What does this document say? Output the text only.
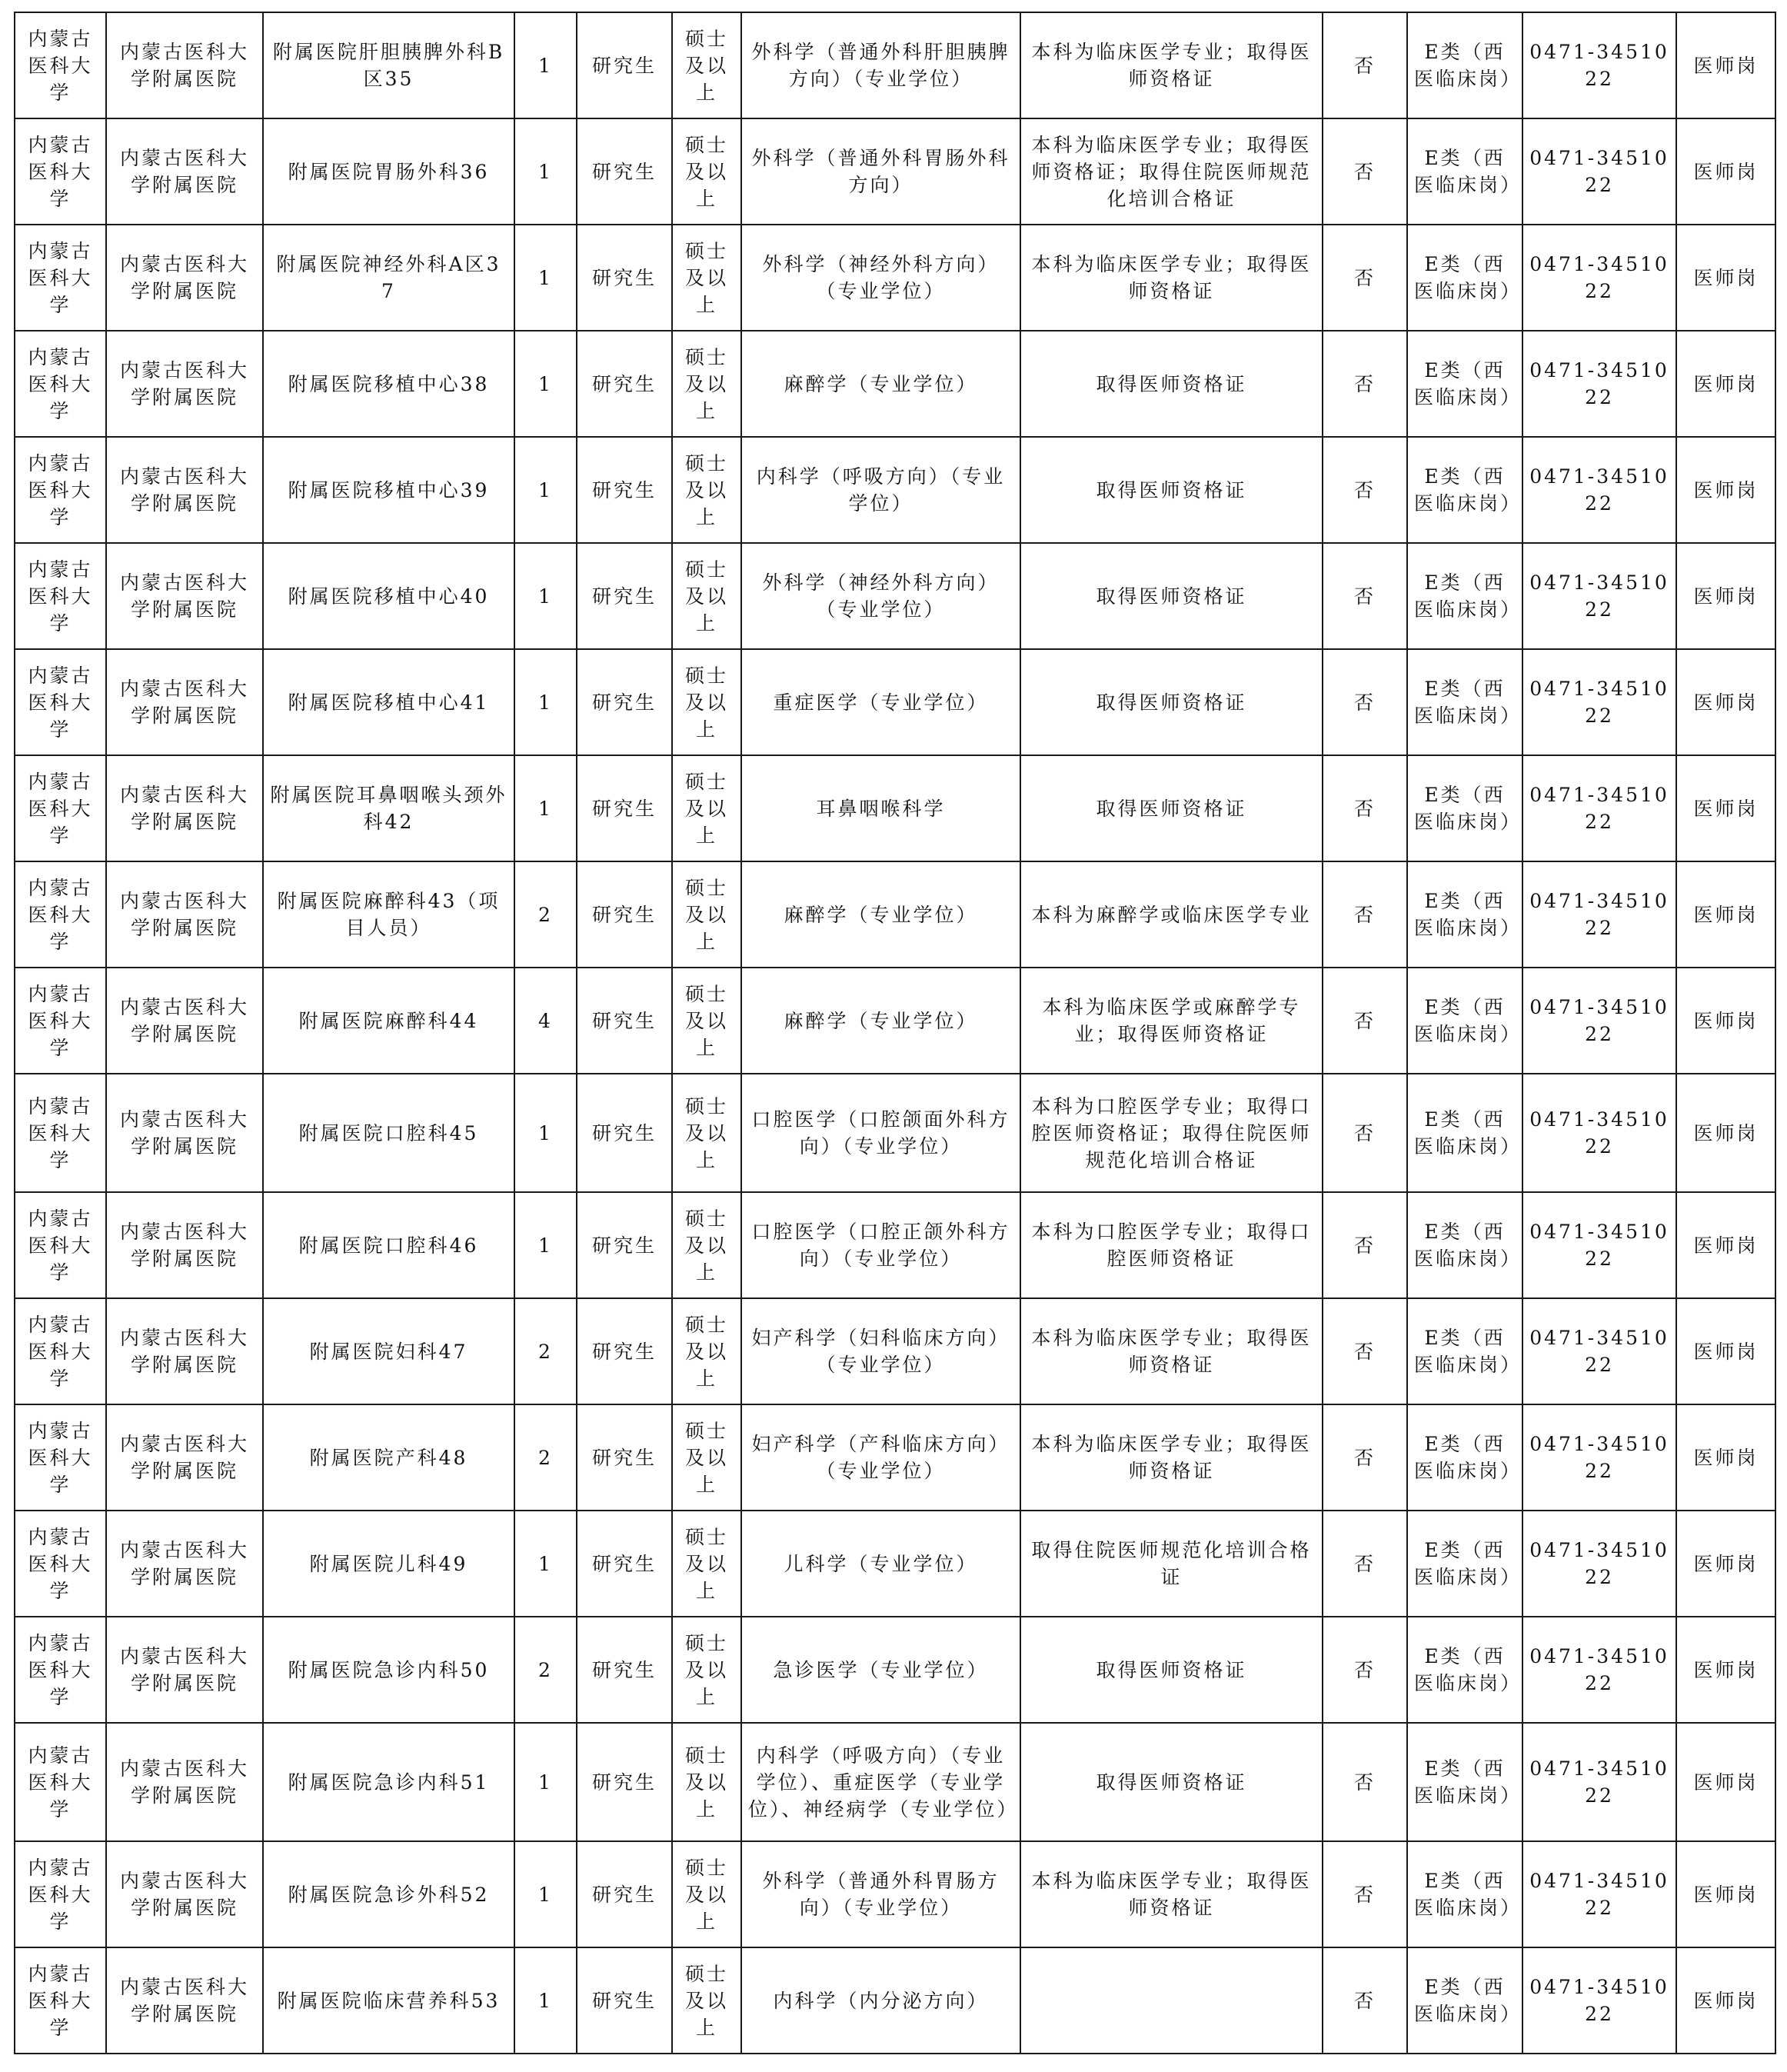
内蒙古医科大学	内蒙古医科大学附属医院	附属医院肝胆胰脾外科B区35	1	研究生	硕士及以上	外科学（普通外科肝胆胰脾方向）（专业学位）	本科为临床医学专业；取得医师资格证	否	E类（西医临床岗）	0471-3451022	医师岗
内蒙古医科大学	内蒙古医科大学附属医院	附属医院胃肠外科36	1	研究生	硕士及以上	外科学（普通外科胃肠外科方向）	本科为临床医学专业；取得医师资格证；取得住院医师规范化培训合格证	否	E类（西医临床岗）	0471-3451022	医师岗
内蒙古医科大学	内蒙古医科大学附属医院	附属医院神经外科A区37	1	研究生	硕士及以上	外科学（神经外科方向）（专业学位）	本科为临床医学专业；取得医师资格证	否	E类（西医临床岗）	0471-3451022	医师岗
内蒙古医科大学	内蒙古医科大学附属医院	附属医院移植中心38	1	研究生	硕士及以上	麻醉学（专业学位）	取得医师资格证	否	E类（西医临床岗）	0471-3451022	医师岗
内蒙古医科大学	内蒙古医科大学附属医院	附属医院移植中心39	1	研究生	硕士及以上	内科学（呼吸方向）（专业学位）	取得医师资格证	否	E类（西医临床岗）	0471-3451022	医师岗
内蒙古医科大学	内蒙古医科大学附属医院	附属医院移植中心40	1	研究生	硕士及以上	外科学（神经外科方向）（专业学位）	取得医师资格证	否	E类（西医临床岗）	0471-3451022	医师岗
内蒙古医科大学	内蒙古医科大学附属医院	附属医院移植中心41	1	研究生	硕士及以上	重症医学（专业学位）	取得医师资格证	否	E类（西医临床岗）	0471-3451022	医师岗
内蒙古医科大学	内蒙古医科大学附属医院	附属医院耳鼻咽喉头颈外科42	1	研究生	硕士及以上	耳鼻咽喉科学	取得医师资格证	否	E类（西医临床岗）	0471-3451022	医师岗
内蒙古医科大学	内蒙古医科大学附属医院	附属医院麻醉科43（项目人员）	2	研究生	硕士及以上	麻醉学（专业学位）	本科为麻醉学或临床医学专业	否	E类（西医临床岗）	0471-3451022	医师岗
内蒙古医科大学	内蒙古医科大学附属医院	附属医院麻醉科44	4	研究生	硕士及以上	麻醉学（专业学位）	本科为临床医学或麻醉学专业；取得医师资格证	否	E类（西医临床岗）	0471-3451022	医师岗
内蒙古医科大学	内蒙古医科大学附属医院	附属医院口腔科45	1	研究生	硕士及以上	口腔医学（口腔颌面外科方向）（专业学位）	本科为口腔医学专业；取得口腔医师资格证；取得住院医师规范化培训合格证	否	E类（西医临床岗）	0471-3451022	医师岗
内蒙古医科大学	内蒙古医科大学附属医院	附属医院口腔科46	1	研究生	硕士及以上	口腔医学（口腔正颌外科方向）（专业学位）	本科为口腔医学专业；取得口腔医师资格证	否	E类（西医临床岗）	0471-3451022	医师岗
内蒙古医科大学	内蒙古医科大学附属医院	附属医院妇科47	2	研究生	硕士及以上	妇产科学（妇科临床方向）（专业学位）	本科为临床医学专业；取得医师资格证	否	E类（西医临床岗）	0471-3451022	医师岗
内蒙古医科大学	内蒙古医科大学附属医院	附属医院产科48	2	研究生	硕士及以上	妇产科学（产科临床方向）（专业学位）	本科为临床医学专业；取得医师资格证	否	E类（西医临床岗）	0471-3451022	医师岗
内蒙古医科大学	内蒙古医科大学附属医院	附属医院儿科49	1	研究生	硕士及以上	儿科学（专业学位）	取得住院医师规范化培训合格证	否	E类（西医临床岗）	0471-3451022	医师岗
内蒙古医科大学	内蒙古医科大学附属医院	附属医院急诊内科50	2	研究生	硕士及以上	急诊医学（专业学位）	取得医师资格证	否	E类（西医临床岗）	0471-3451022	医师岗
内蒙古医科大学	内蒙古医科大学附属医院	附属医院急诊内科51	1	研究生	硕士及以上	内科学（呼吸方向）（专业学位）、重症医学（专业学位）、神经病学（专业学位）	取得医师资格证	否	E类（西医临床岗）	0471-3451022	医师岗
内蒙古医科大学	内蒙古医科大学附属医院	附属医院急诊外科52	1	研究生	硕士及以上	外科学（普通外科胃肠方向）（专业学位）	本科为临床医学专业；取得医师资格证	否	E类（西医临床岗）	0471-3451022	医师岗
内蒙古医科大学	内蒙古医科大学附属医院	附属医院临床营养科53	1	研究生	硕士及以上	内科学（内分泌方向）		否	E类（西医临床岗）	0471-3451022	医师岗
